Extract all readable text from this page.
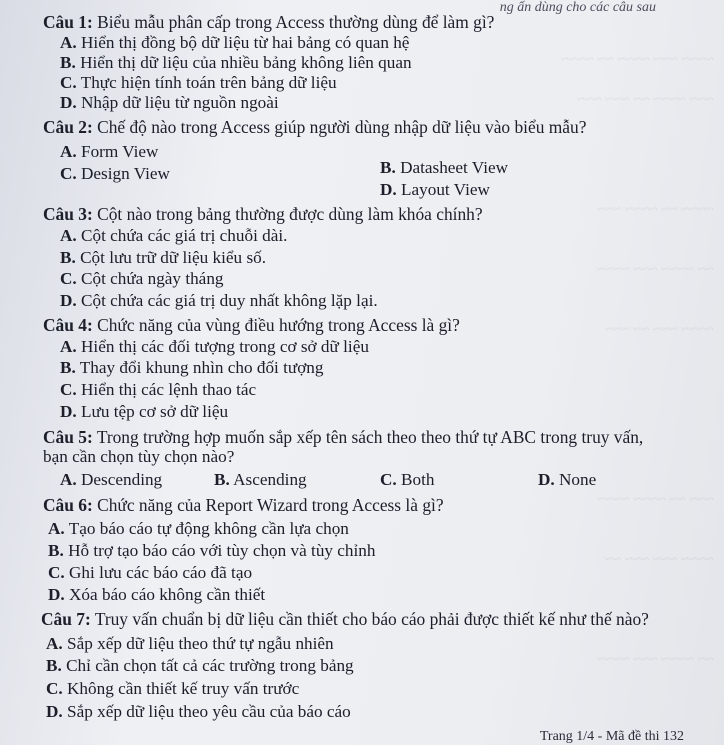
~~~~ ~~~ ~~~~ ~~ ~~~~
~~~ ~~~~ ~~ ~~~ ~~~
~~~~ ~~ ~~~~ ~~~
~~ ~~~~ ~~~ ~~~~
~~~~ ~~~ ~~ ~~~
~~~ ~~ ~~~~ ~~~~
~~~~ ~~~ ~~~ ~~
~~ ~~~~ ~~~ ~~~~
ng ấn dùng cho các câu sau
Câu 1: Biểu mẫu phân cấp trong Access thường dùng để làm gì?
A. Hiển thị đồng bộ dữ liệu từ hai bảng có quan hệ
B. Hiển thị dữ liệu của nhiều bảng không liên quan
C. Thực hiện tính toán trên bảng dữ liệu
D. Nhập dữ liệu từ nguồn ngoài
Câu 2: Chế độ nào trong Access giúp người dùng nhập dữ liệu vào biểu mẫu?
A. Form View
B. Datasheet View
C. Design View
D. Layout View
Câu 3: Cột nào trong bảng thường được dùng làm khóa chính?
A. Cột chứa các giá trị chuỗi dài.
B. Cột lưu trữ dữ liệu kiểu số.
C. Cột chứa ngày tháng
D. Cột chứa các giá trị duy nhất không lặp lại.
Câu 4: Chức năng của vùng điều hướng trong Access là gì?
A. Hiển thị các đối tượng trong cơ sở dữ liệu
B. Thay đổi khung nhìn cho đối tượng
C. Hiển thị các lệnh thao tác
D. Lưu tệp cơ sở dữ liệu
Câu 5: Trong trường hợp muốn sắp xếp tên sách theo theo thứ tự ABC trong truy vấn,
bạn cần chọn tùy chọn nào?
A. Descending	B. Ascending	C. Both	D. None
Câu 6: Chức năng của Report Wizard trong Access là gì?
A. Tạo báo cáo tự động không cần lựa chọn
B. Hỗ trợ tạo báo cáo với tùy chọn và tùy chỉnh
C. Ghi lưu các báo cáo đã tạo
D. Xóa báo cáo không cần thiết
Câu 7: Truy vấn chuẩn bị dữ liệu cần thiết cho báo cáo phải được thiết kế như thế nào?
A. Sắp xếp dữ liệu theo thứ tự ngẫu nhiên
B. Chỉ cần chọn tất cả các trường trong bảng
C. Không cần thiết kế truy vấn trước
D. Sắp xếp dữ liệu theo yêu cầu của báo cáo
Trang 1/4 - Mã đề thi 132
